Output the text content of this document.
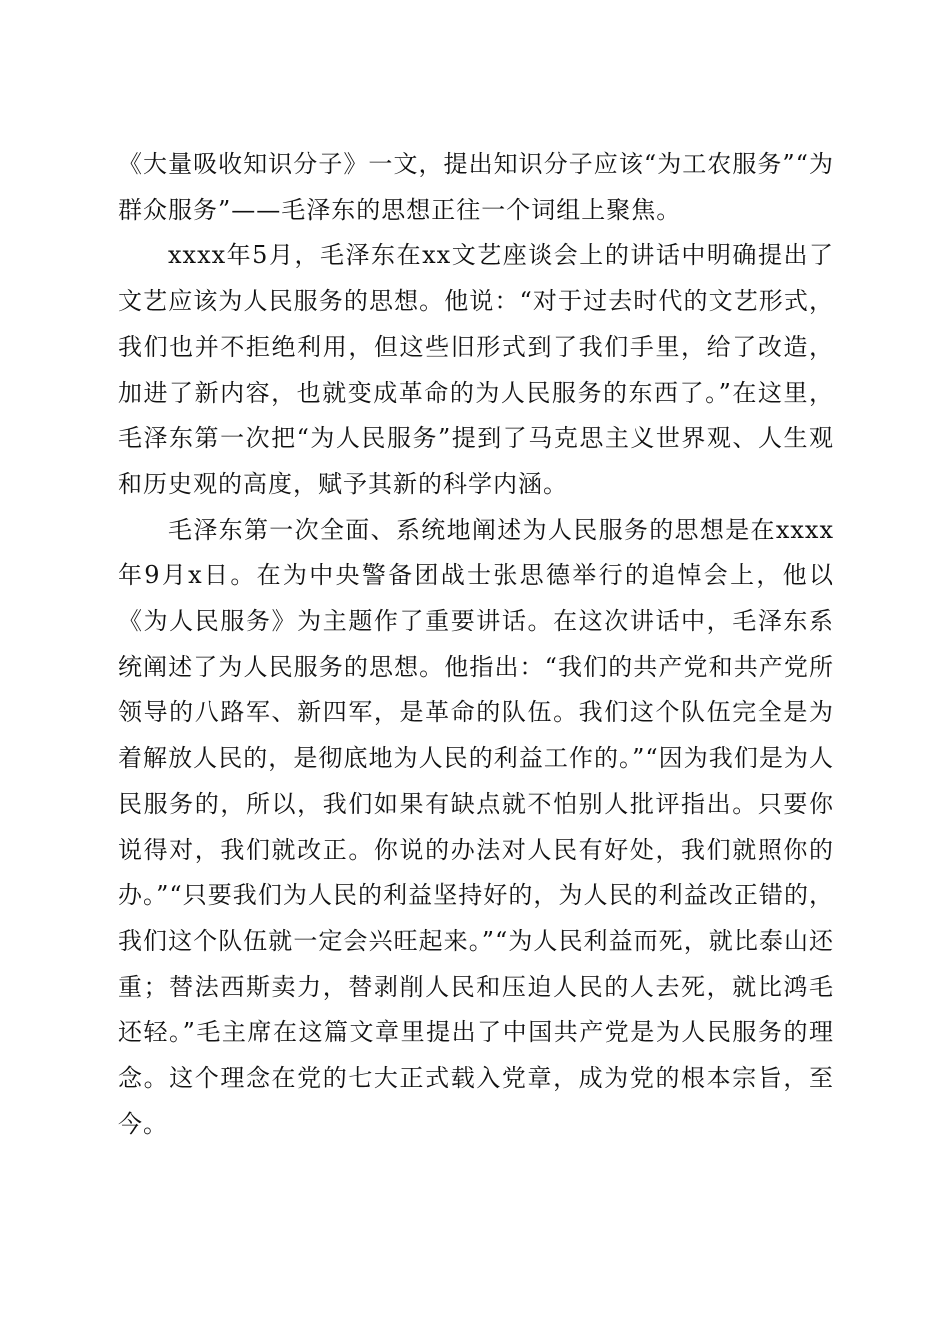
《大量吸收知识分子》一文，提出知识分子应该“为工农服务”“为群众服务”——毛泽东的思想正往一个词组上聚焦。

xxxx年5月，毛泽东在xx文艺座谈会上的讲话中明确提出了文艺应该为人民服务的思想。他说：“对于过去时代的文艺形式，我们也并不拒绝利用，但这些旧形式到了我们手里，给了改造，加进了新内容，也就变成革命的为人民服务的东西了。”在这里，毛泽东第一次把“为人民服务”提到了马克思主义世界观、人生观和历史观的高度，赋予其新的科学内涵。

毛泽东第一次全面、系统地阐述为人民服务的思想是在xxxx年9月x日。在为中央警备团战士张思德举行的追悼会上，他以《为人民服务》为主题作了重要讲话。在这次讲话中，毛泽东系统阐述了为人民服务的思想。他指出：“我们的共产党和共产党所领导的八路军、新四军，是革命的队伍。我们这个队伍完全是为着解放人民的，是彻底地为人民的利益工作的。”“因为我们是为人民服务的，所以，我们如果有缺点就不怕别人批评指出。只要你说得对，我们就改正。你说的办法对人民有好处，我们就照你的办。”“只要我们为人民的利益坚持好的，为人民的利益改正错的，我们这个队伍就一定会兴旺起来。”“为人民利益而死，就比泰山还重；替法西斯卖力，替剥削人民和压迫人民的人去死，就比鸿毛还轻。”毛主席在这篇文章里提出了中国共产党是为人民服务的理念。这个理念在党的七大正式载入党章，成为党的根本宗旨，至今。
